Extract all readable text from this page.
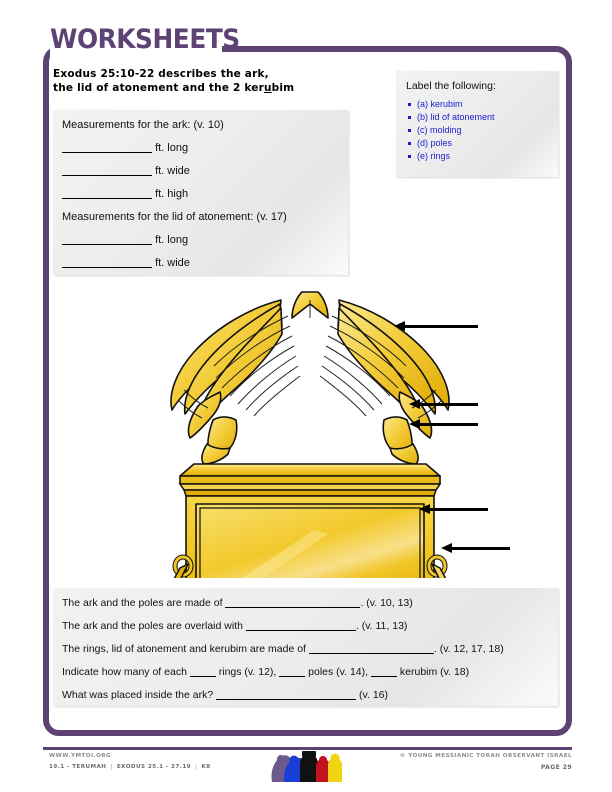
WORKSHEETS
Exodus 25:10-22 describes the ark,
the lid of atonement and the 2 kerubim
Measurements for the ark: (v. 10)
ft. long
ft. wide
ft. high
Measurements for the lid of atonement: (v. 17)
ft. long
ft. wide
Label the following:
(a) kerubim
(b) lid of atonement
(c) molding
(d) poles
(e) rings
The ark and the poles are made of	. (v. 10, 13)
The ark and the poles are overlaid with	. (v. 11, 13)
The rings, lid of atonement and kerubim are made of	. (v. 12, 17, 18)
Indicate how many of each  rings (v. 12),  poles (v. 14),  kerubim (v. 18)
What was placed inside the ark?	(v. 16)
WWW.YMTOI.ORG
19.1 - TERUMAH | EXODUS 25.1 - 27.19 | K8
© YOUNG MESSIANIC TORAH OBSERVANT ISRAEL
PAGE 29
